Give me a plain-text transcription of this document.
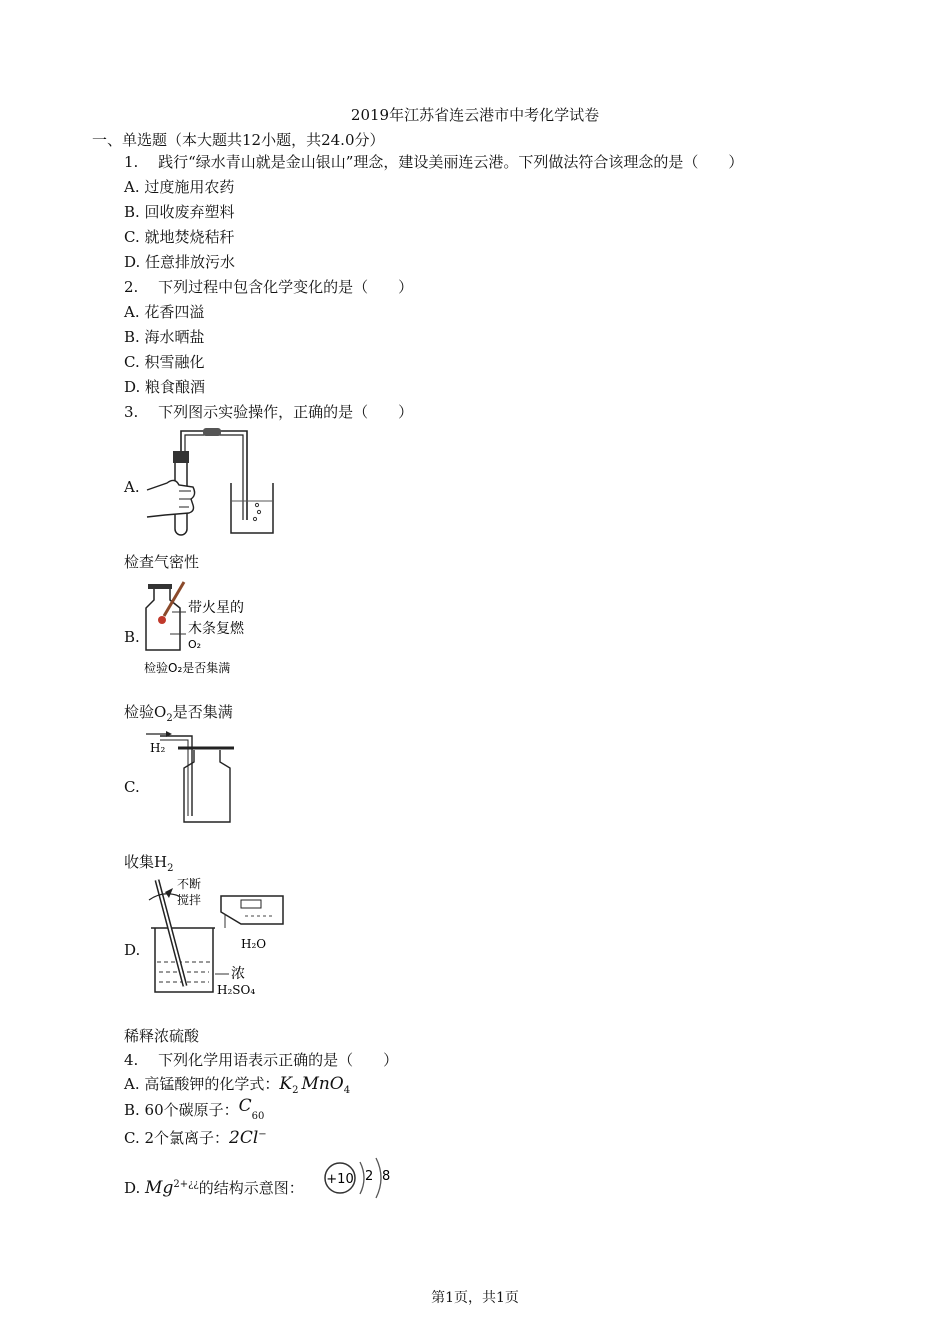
2019年江苏省连云港市中考化学试卷
一、单选题（本大题共12小题，共24.0分）
1.　 践行“绿水青山就是金山银山”理念，建设美丽连云港。下列做法符合该理念的是（　　）
A. 过度施用农药
B. 回收废弃塑料
C. 就地焚烧秸秆
D. 任意排放污水
2.　 下列过程中包含化学变化的是（　　）
A. 花香四溢
B. 海水晒盐
C. 积雪融化
D. 粮食酿酒
3.　 下列图示实验操作，正确的是（　　）
A.
检查气密性
B.
带火星的
木条复燃
O₂
检验O₂是否集满
检验$O_2$是否集满
C.
H₂
收集$H_2$
D.
不断
搅拌
H₂O
浓
H₂SO₄
稀释浓硫酸
4.　 下列化学用语表示正确的是（　　）
A. 高锰酸钾的化学式：$K_2$ MnO$_4$
B. 60个碳原子：$C_{60}$
C. 2个氯离子：2Cl−
D. $Mg^{2+¿¿}$的结构示意图： +10 2 8
第1页，共1页
